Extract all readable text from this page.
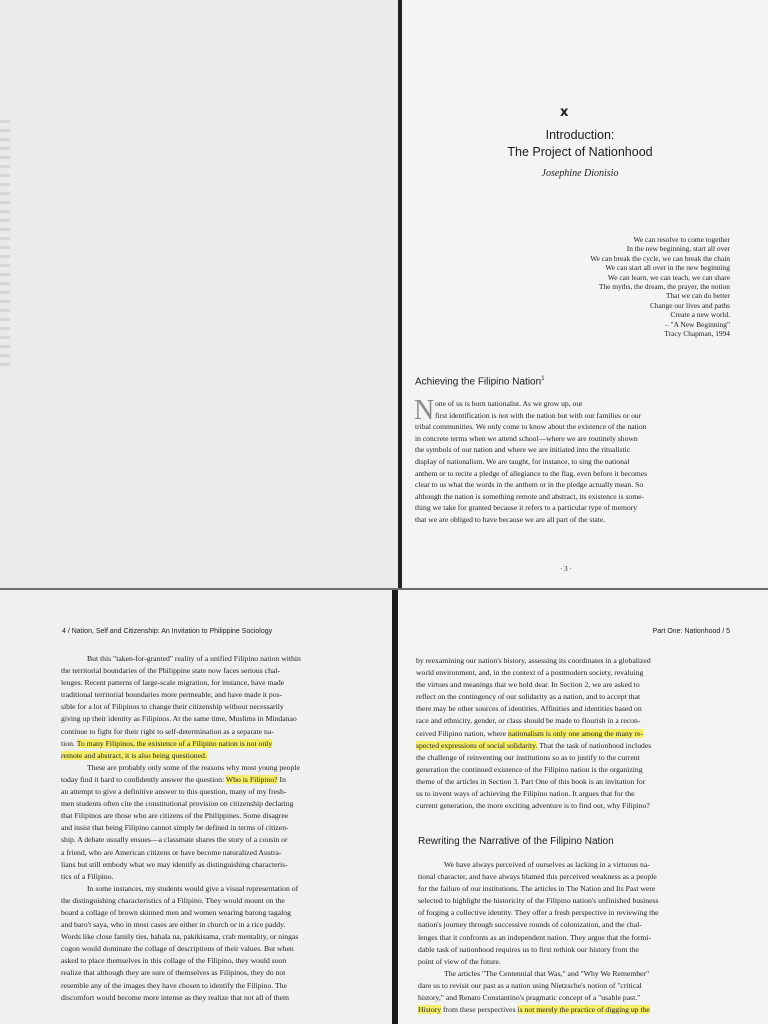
x
Introduction:
The Project of Nationhood
Josephine Dionisio
We can resolve to come together
In the new beginning, start all over
We can break the cycle, we can break the chain
We can start all over in the new beginning
We can learn, we can teach, we can share
The myths, the dream, the prayer, the notion
That we can do better
Change our lives and paths
Create a new world.
– "A New Beginning"
Tracy Chapman, 1994
Achieving the Filipino Nation$^1$
N one of us is born nationalist. As we grow up, our
first identification is not with the nation but with our families or our
tribal communities. We only come to know about the existence of the nation
in concrete terms when we attend school—where we are routinely shown
the symbols of our nation and where we are initiated into the ritualistic
display of nationalism. We are taught, for instance, to sing the national
anthem or to recite a pledge of allegiance to the flag, even before it becomes
clear to us what the words in the anthem or in the pledge actually mean. So
although the nation is something remote and abstract, its existence is some-
thing we take for granted because it refers to a particular type of memory
that we are obliged to have because we are all part of the state.
· 3 ·
4 / Nation, Self and Citizenship: An Invitation to Philippine Sociology	Part One: Nationhood / 5
But this "taken-for-granted" reality of a unified Filipino nation within
the territorial boundaries of the Philippine state now faces serious chal-
lenges. Recent patterns of large-scale migration, for instance, have made
traditional territorial boundaries more permeable, and have made it pos-
sible for a lot of Filipinos to change their citizenship without necessarily
giving up their identity as Filipinos. At the same time, Muslims in Mindanao
continue to fight for their right to self-determination as a separate na-
tion. To many Filipinos, the existence of a Filipino nation is not only
remote and abstract, it is also being questioned.
These are probably only some of the reasons why most young people
today find it hard to confidently answer the question: Who is Filipino? In
an attempt to give a definitive answer to this question, many of my fresh-
men students often cite the constitutional provision on citizenship declaring
that Filipinos are those who are citizens of the Philippines. Some disagree
and insist that being Filipino cannot simply be defined in terms of citizen-
ship. A debate usually ensues—a classmate shares the story of a cousin or
a friend, who are American citizens or have become naturalized Austra-
lians but still embody what we may identify as distinguishing characteris-
tics of a Filipino.
In some instances, my students would give a visual representation of
the distinguishing characteristics of a Filipino. They would mount on the
board a collage of brown skinned men and women wearing barong tagalog
and baro't saya, who in most cases are either in church or in a rice paddy.
Words like close family ties, bahala na, pakikisama, crab mentality, or ningas
cogon would dominate the collage of descriptions of their values. But when
asked to place themselves in this collage of the Filipino, they would soon
realize that although they are sure of themselves as Filipinos, they do not
resemble any of the images they have chosen to identify the Filipino. The
discomfort would become more intense as they realize that not all of them
by reexamining our nation's history, assessing its coordinates in a globalized
world environment, and, in the context of a postmodern society, revaluing
the virtues and meanings that we hold dear. In Section 2, we are asked to
reflect on the contingency of our solidarity as a nation, and to accept that
there may be other sources of identities. Affinities and identities based on
race and ethnicity, gender, or class should be made to flourish in a recon-
ceived Filipino nation, where nationalism is only one among the many re-
spected expressions of social solidarity. That the task of nationhood includes
the challenge of reinventing our institutions so as to justify to the current
generation the continued existence of the Filipino nation is the organizing
theme of the articles in Section 3. Part One of this book is an invitation for
us to invent ways of achieving the Filipino nation. It argues that for the
current generation, the more exciting adventure is to find out, why Filipino?
Rewriting the Narrative of the Filipino Nation
We have always perceived of ourselves as lacking in a virtuous na-
tional character, and have always blamed this perceived weakness as a people
for the failure of our institutions. The articles in The Nation and Its Past were
selected to highlight the historicity of the Filipino nation's unfinished business
of forging a collective identity. They offer a fresh perspective in reviewing the
nation's journey through successive rounds of colonization, and the chal-
lenges that it confronts as an independent nation. They argue that the formi-
dable task of nationhood requires us to first rethink our history from the
point of view of the future.
The articles "The Centennial that Was," and "Why We Remember"
dare us to revisit our past as a nation using Nietzsche's notion of "critical
history," and Renato Constantino's pragmatic concept of a "usable past."
History from these perspectives is not merely the practice of digging up the
